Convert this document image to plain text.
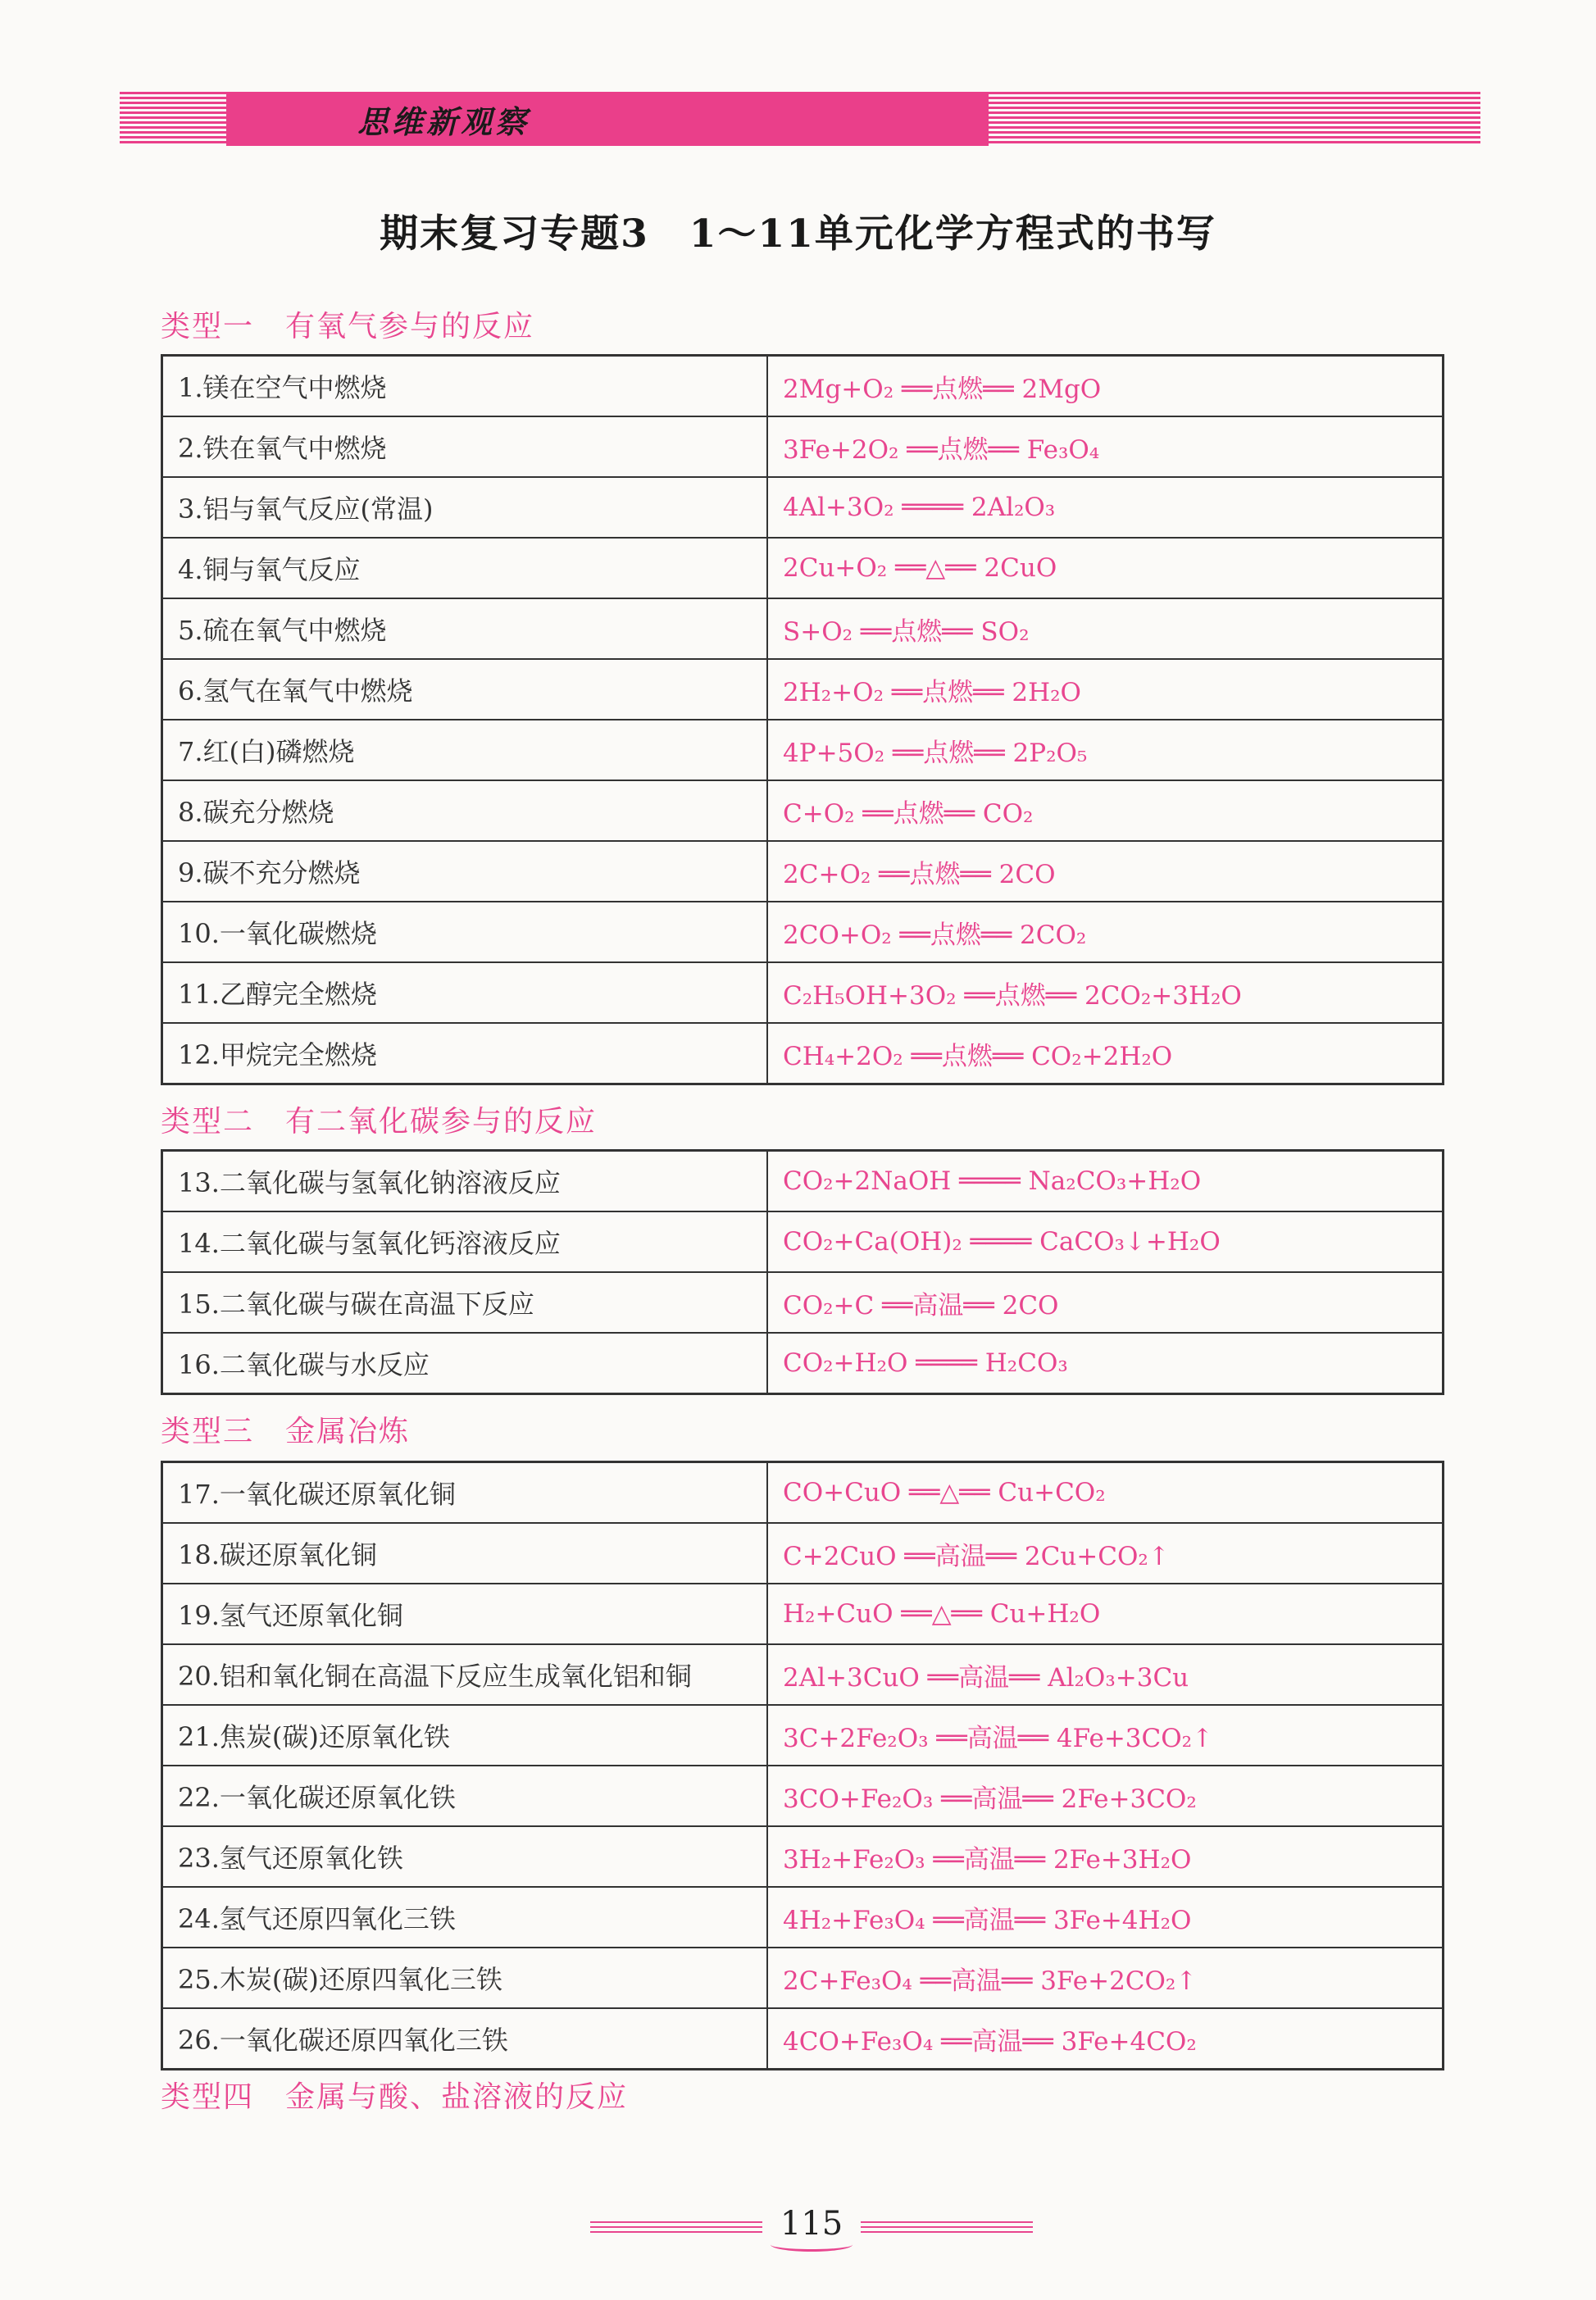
思维新观察
期末复习专题3　1～11单元化学方程式的书写
类型一　有氧气参与的反应
1.镁在空气中燃烧	2Mg+O₂ ══点燃══ 2MgO
2.铁在氧气中燃烧	3Fe+2O₂ ══点燃══ Fe₃O₄
3.铝与氧气反应(常温)	4Al+3O₂ ════ 2Al₂O₃
4.铜与氧气反应	2Cu+O₂ ══△══ 2CuO
5.硫在氧气中燃烧	S+O₂ ══点燃══ SO₂
6.氢气在氧气中燃烧	2H₂+O₂ ══点燃══ 2H₂O
7.红(白)磷燃烧	4P+5O₂ ══点燃══ 2P₂O₅
8.碳充分燃烧	C+O₂ ══点燃══ CO₂
9.碳不充分燃烧	2C+O₂ ══点燃══ 2CO
10.一氧化碳燃烧	2CO+O₂ ══点燃══ 2CO₂
11.乙醇完全燃烧	C₂H₅OH+3O₂ ══点燃══ 2CO₂+3H₂O
12.甲烷完全燃烧	CH₄+2O₂ ══点燃══ CO₂+2H₂O
类型二　有二氧化碳参与的反应
13.二氧化碳与氢氧化钠溶液反应	CO₂+2NaOH ════ Na₂CO₃+H₂O
14.二氧化碳与氢氧化钙溶液反应	CO₂+Ca(OH)₂ ════ CaCO₃↓+H₂O
15.二氧化碳与碳在高温下反应	CO₂+C ══高温══ 2CO
16.二氧化碳与水反应	CO₂+H₂O ════ H₂CO₃
类型三　金属冶炼
17.一氧化碳还原氧化铜	CO+CuO ══△══ Cu+CO₂
18.碳还原氧化铜	C+2CuO ══高温══ 2Cu+CO₂↑
19.氢气还原氧化铜	H₂+CuO ══△══ Cu+H₂O
20.铝和氧化铜在高温下反应生成氧化铝和铜	2Al+3CuO ══高温══ Al₂O₃+3Cu
21.焦炭(碳)还原氧化铁	3C+2Fe₂O₃ ══高温══ 4Fe+3CO₂↑
22.一氧化碳还原氧化铁	3CO+Fe₂O₃ ══高温══ 2Fe+3CO₂
23.氢气还原氧化铁	3H₂+Fe₂O₃ ══高温══ 2Fe+3H₂O
24.氢气还原四氧化三铁	4H₂+Fe₃O₄ ══高温══ 3Fe+4H₂O
25.木炭(碳)还原四氧化三铁	2C+Fe₃O₄ ══高温══ 3Fe+2CO₂↑
26.一氧化碳还原四氧化三铁	4CO+Fe₃O₄ ══高温══ 3Fe+4CO₂
类型四　金属与酸、盐溶液的反应
115
